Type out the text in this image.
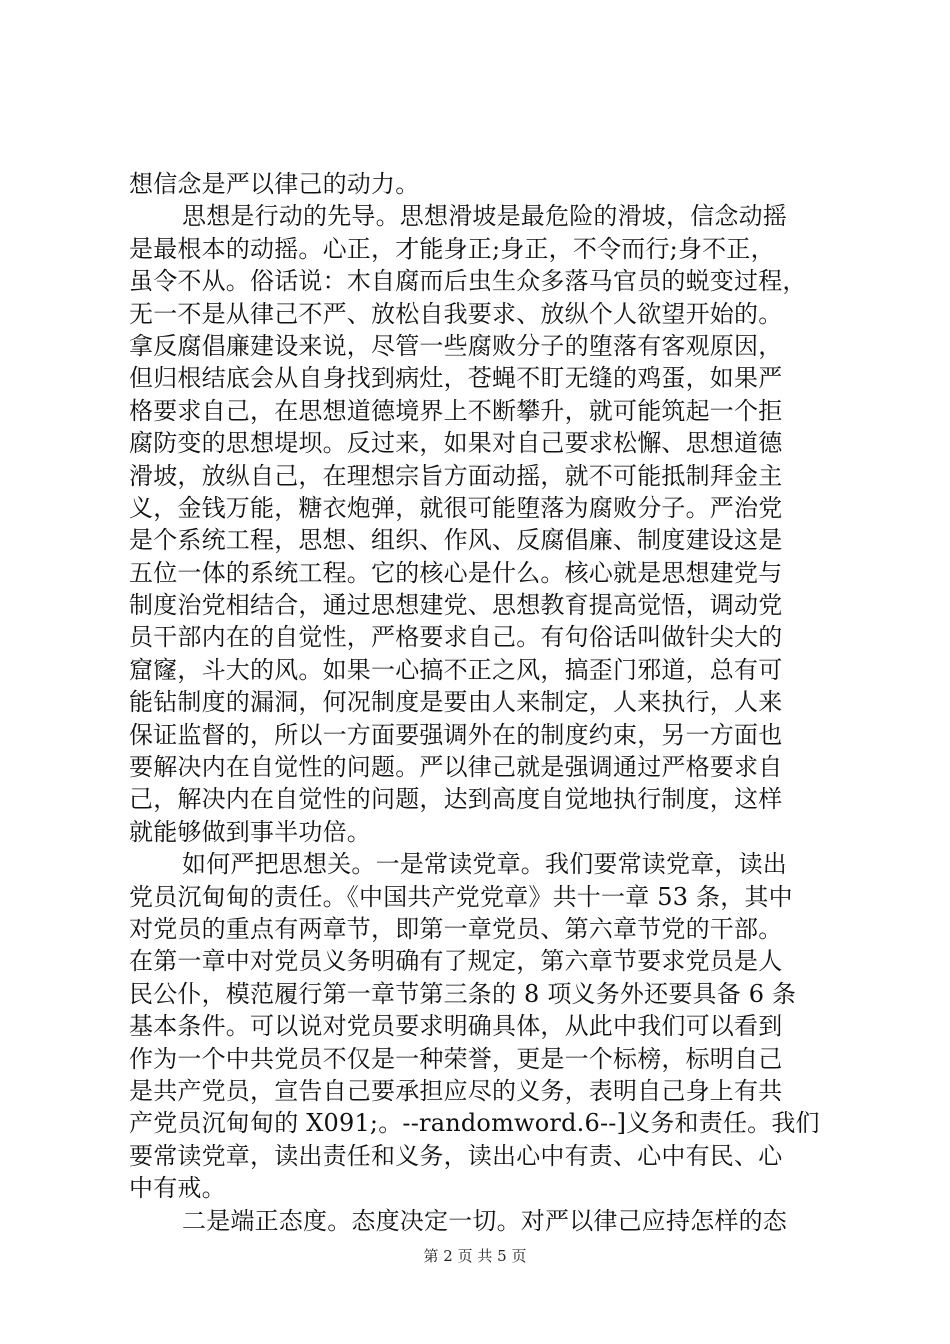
想信念是严以律己的动力。
思想是行动的先导。思想滑坡是最危险的滑坡，信念动摇
是最根本的动摇。心正，才能身正;身正，不令而行;身不正，
虽令不从。俗话说：木自腐而后虫生众多落马官员的蜕变过程，
无一不是从律己不严、放松自我要求、放纵个人欲望开始的。
拿反腐倡廉建设来说，尽管一些腐败分子的堕落有客观原因，
但归根结底会从自身找到病灶，苍蝇不盯无缝的鸡蛋，如果严
格要求自己，在思想道德境界上不断攀升，就可能筑起一个拒
腐防变的思想堤坝。反过来，如果对自己要求松懈、思想道德
滑坡，放纵自己，在理想宗旨方面动摇，就不可能抵制拜金主
义，金钱万能，糖衣炮弹，就很可能堕落为腐败分子。严治党
是个系统工程，思想、组织、作风、反腐倡廉、制度建设这是
五位一体的系统工程。它的核心是什么。核心就是思想建党与
制度治党相结合，通过思想建党、思想教育提高觉悟，调动党
员干部内在的自觉性，严格要求自己。有句俗话叫做针尖大的
窟窿，斗大的风。如果一心搞不正之风，搞歪门邪道，总有可
能钻制度的漏洞，何况制度是要由人来制定，人来执行，人来
保证监督的，所以一方面要强调外在的制度约束，另一方面也
要解决内在自觉性的问题。严以律己就是强调通过严格要求自
己，解决内在自觉性的问题，达到高度自觉地执行制度，这样
就能够做到事半功倍。
如何严把思想关。一是常读党章。我们要常读党章，读出
党员沉甸甸的责任。《中国共产党党章》共十一章 53 条，其中
对党员的重点有两章节，即第一章党员、第六章节党的干部。
在第一章中对党员义务明确有了规定，第六章节要求党员是人
民公仆，模范履行第一章节第三条的 8 项义务外还要具备 6 条
基本条件。可以说对党员要求明确具体，从此中我们可以看到
作为一个中共党员不仅是一种荣誉，更是一个标榜，标明自己
是共产党员，宣告自己要承担应尽的义务，表明自己身上有共
产党员沉甸甸的 X091;。--randomword.6--]义务和责任。我们
要常读党章，读出责任和义务，读出心中有责、心中有民、心
中有戒。
二是端正态度。态度决定一切。对严以律己应持怎样的态
第 2 页 共 5 页
